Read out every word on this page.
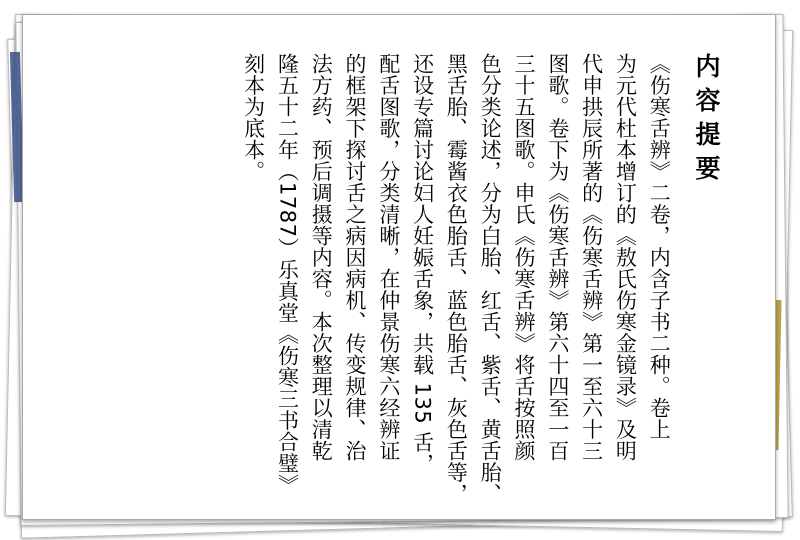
内容提要
《伤寒舌辨》二卷，内含子书二种。卷上
为元代杜本增订的《敖氏伤寒金镜录》及明
代申拱辰所著的《伤寒舌辨》第一至六十三
图歌。卷下为《伤寒舌辨》第六十四至一百
三十五图歌。申氏《伤寒舌辨》将舌按照颜
色分类论述，分为白胎、红舌、紫舌、黄舌胎、
黑舌胎、霉酱衣色胎舌、蓝色胎舌、灰色舌等，
还设专篇讨论妇人妊娠舌象，共载 135 舌，
配舌图歌，分类清晰，在仲景伤寒六经辨证
的框架下探讨舌之病因病机、传变规律、治
法方药、预后调摄等内容。本次整理以清乾
隆五十二年（1787）乐真堂《伤寒三书合璧》
刻本为底本。
